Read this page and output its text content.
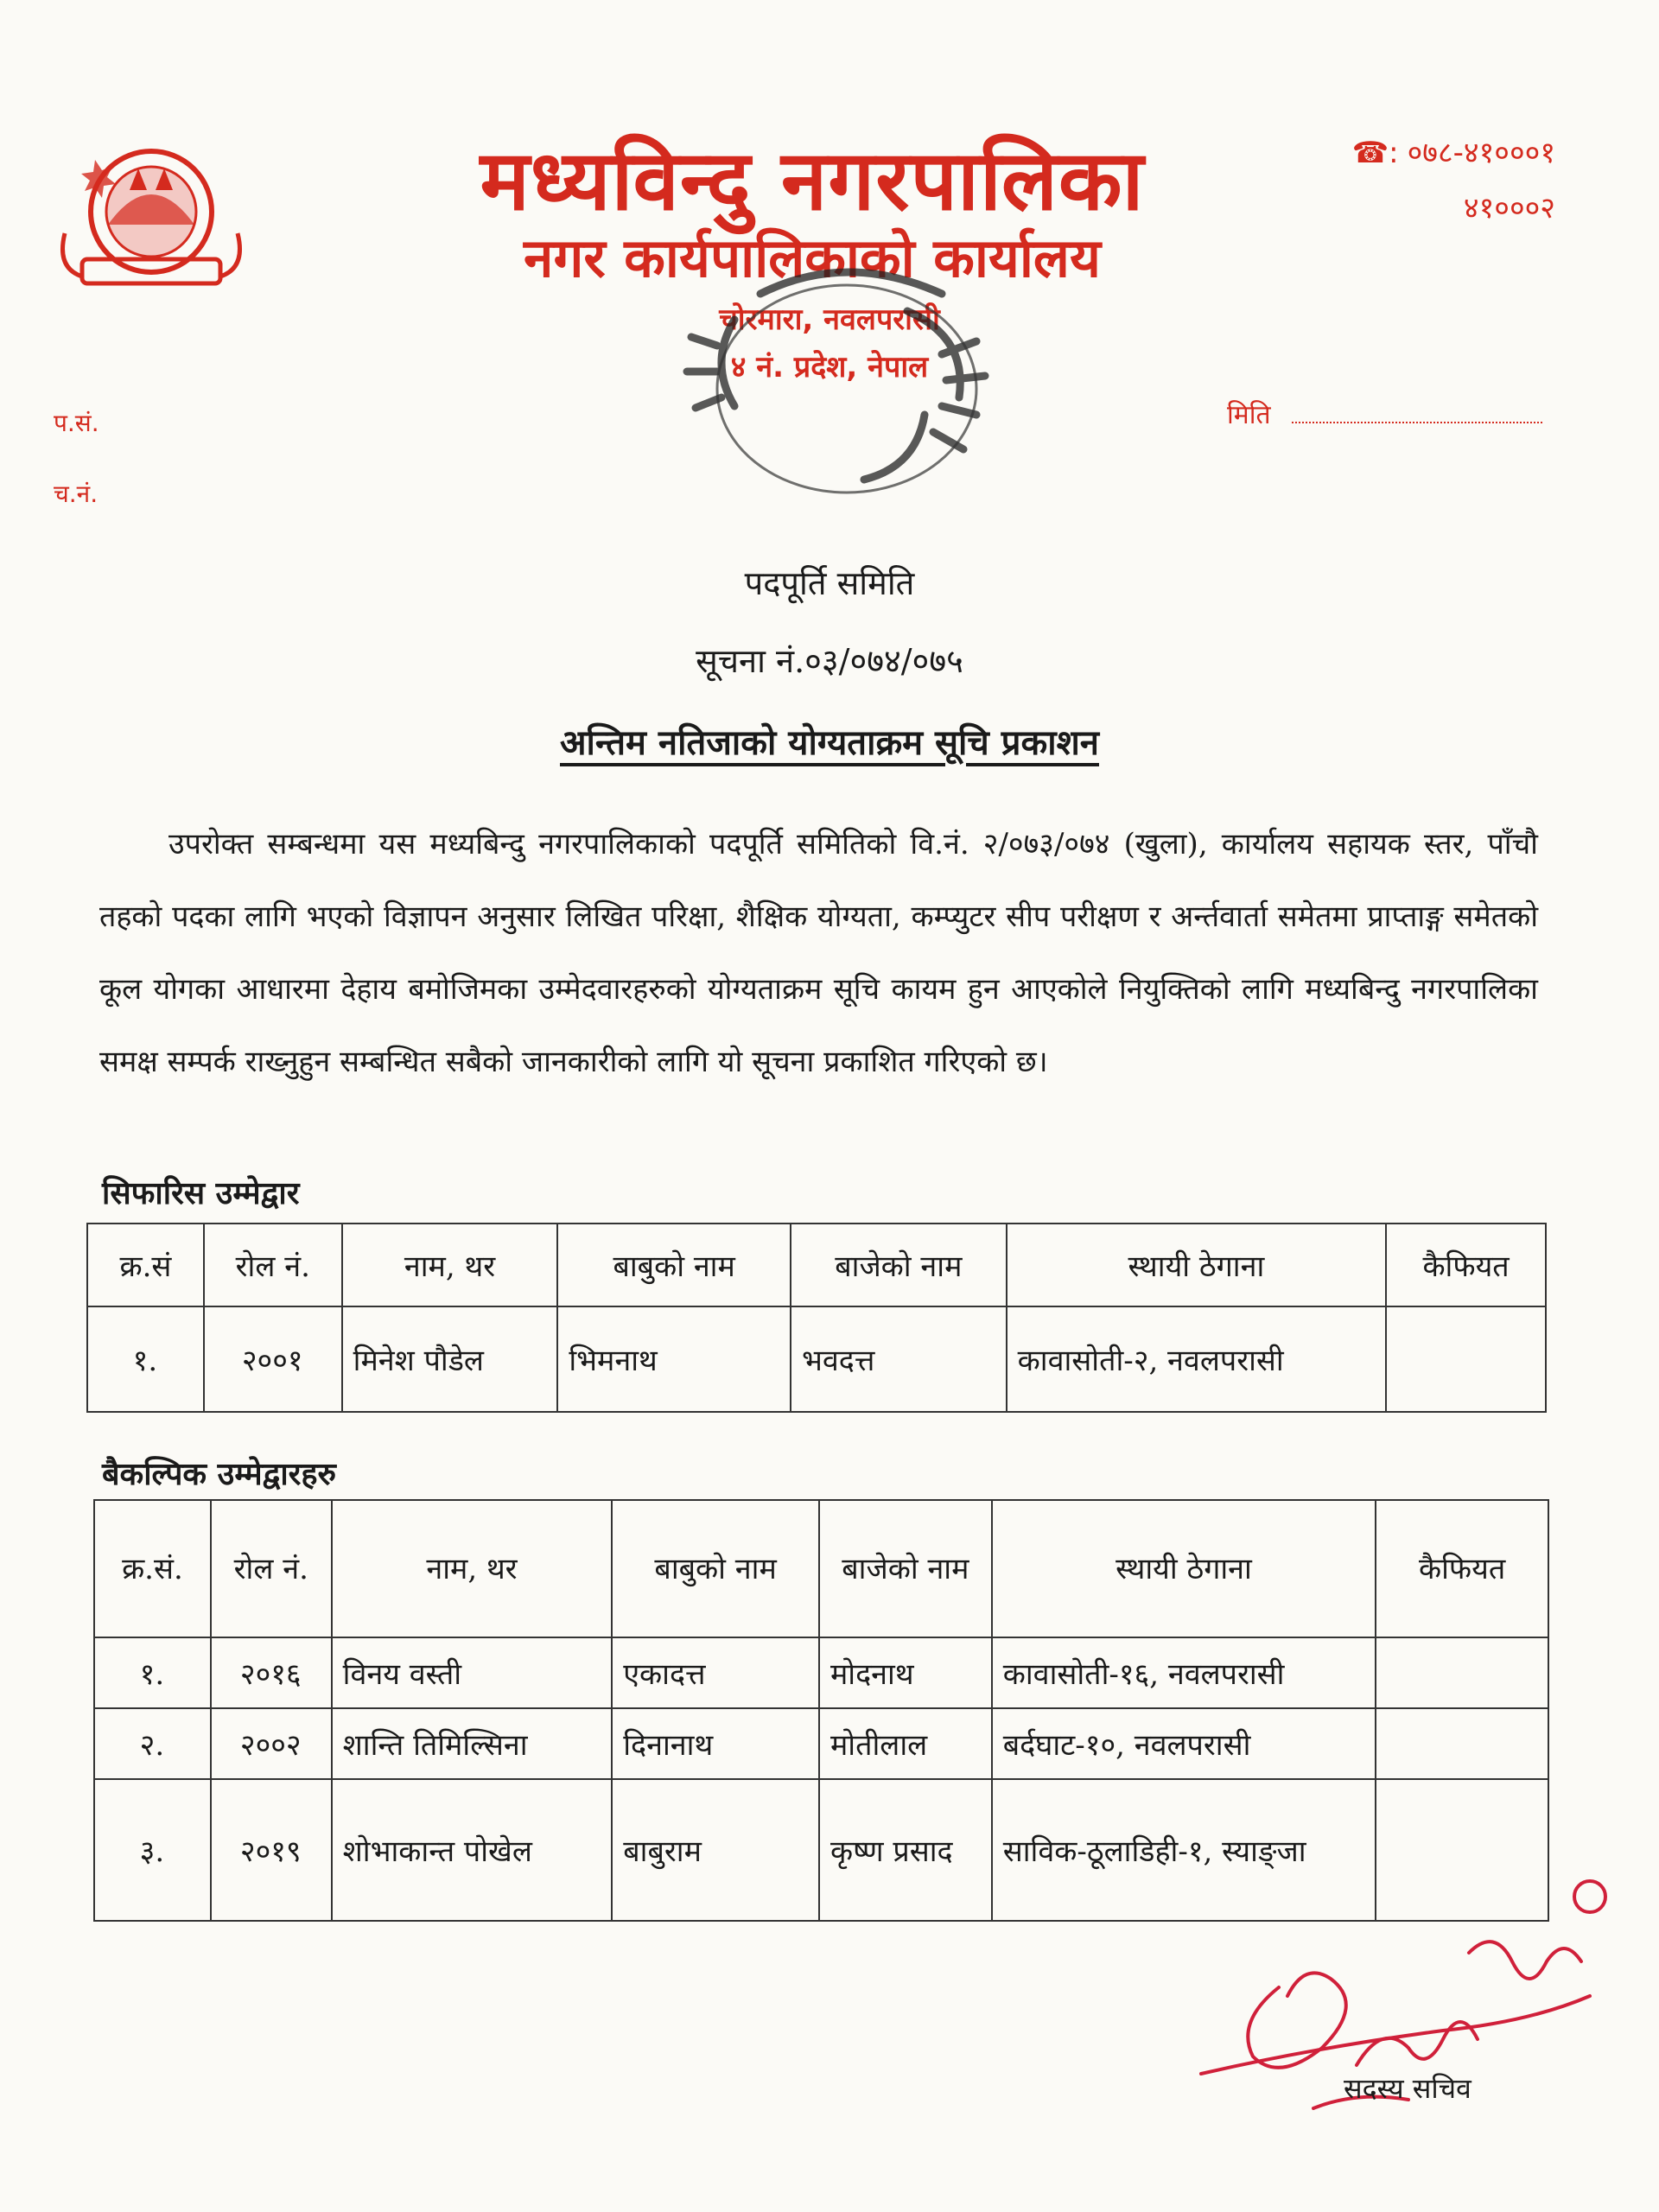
मध्यविन्दु नगरपालिका
नगर कार्यपालिकाको कार्यालय
चोरमारा, नवलपरासी
४ नं. प्रदेश, नेपाल
☎: ०७८-४१०००१
४१०००२
प.सं.
च.नं.
मिति
पदपूर्ति समिति
सूचना नं.०३/०७४/०७५
अन्तिम नतिजाको योग्यताक्रम सूचि प्रकाशन
उपरोक्त सम्बन्धमा यस मध्यबिन्दु नगरपालिकाको पदपूर्ति समितिको वि.नं. २/०७३/०७४ (खुला), कार्यालय सहायक स्तर, पाँचौ तहको पदका लागि भएको विज्ञापन अनुसार लिखित परिक्षा, शैक्षिक योग्यता, कम्प्युटर सीप परीक्षण र अर्न्तवार्ता समेतमा प्राप्ताङ्ग समेतको कूल योगका आधारमा देहाय बमोजिमका उम्मेदवारहरुको योग्यताक्रम सूचि कायम हुन आएकोले नियुक्तिको लागि मध्यबिन्दु नगरपालिका समक्ष सम्पर्क राख्नुहुन सम्बन्धित सबैको जानकारीको लागि यो सूचना प्रकाशित गरिएको छ।
सिफारिस उम्मेद्वार
क्र.सं	रोल नं.	नाम, थर	बाबुको नाम	बाजेको नाम	स्थायी ठेगाना	कैफियत
१.	२००१	मिनेश पौडेल	भिमनाथ	भवदत्त	कावासोती-२, नवलपरासी	
बैकल्पिक उम्मेद्वारहरु
क्र.सं.	रोल नं.	नाम, थर	बाबुको नाम	बाजेको नाम	स्थायी ठेगाना	कैफियत
१.	२०१६	विनय वस्ती	एकादत्त	मोदनाथ	कावासोती-१६, नवलपरासी	
२.	२००२	शान्ति तिमिल्सिना	दिनानाथ	मोतीलाल	बर्दघाट-१०, नवलपरासी	
३.	२०१९	शोभाकान्त पोखेल	बाबुराम	कृष्ण प्रसाद	साविक-ठूलाडिही-१, स्याङ्जा	
सदस्य सचिव
